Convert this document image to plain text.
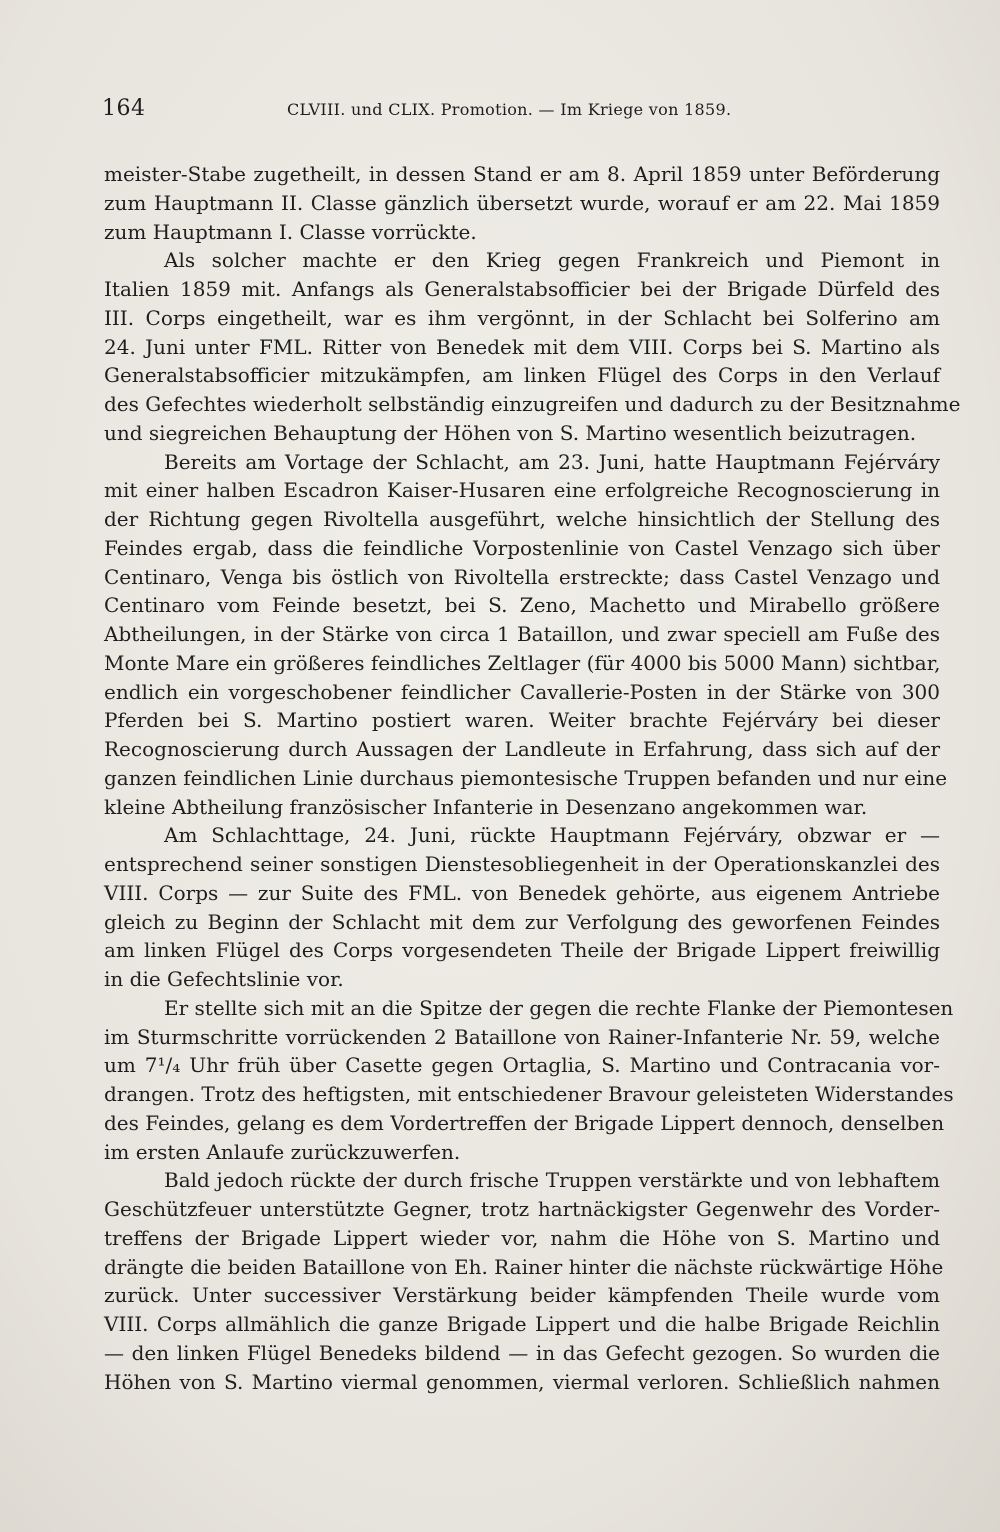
164	CLVIII. und CLIX. Promotion. — Im Kriege von 1859.
meister-Stabe zugetheilt, in dessen Stand er am 8. April 1859 unter Beförderung
zum Hauptmann II. Classe gänzlich übersetzt wurde, worauf er am 22. Mai 1859
zum Hauptmann I. Classe vorrückte.
Als solcher machte er den Krieg gegen Frankreich und Piemont in
Italien 1859 mit. Anfangs als Generalstabsofficier bei der Brigade Dürfeld des
III. Corps eingetheilt, war es ihm vergönnt, in der Schlacht bei Solferino am
24. Juni unter FML. Ritter von Benedek mit dem VIII. Corps bei S. Martino als
Generalstabsofficier mitzukämpfen, am linken Flügel des Corps in den Verlauf
des Gefechtes wiederholt selbständig einzugreifen und dadurch zu der Besitznahme
und siegreichen Behauptung der Höhen von S. Martino wesentlich beizutragen.
Bereits am Vortage der Schlacht, am 23. Juni, hatte Hauptmann Fejérváry
mit einer halben Escadron Kaiser-Husaren eine erfolgreiche Recognoscierung in
der Richtung gegen Rivoltella ausgeführt, welche hinsichtlich der Stellung des
Feindes ergab, dass die feindliche Vorpostenlinie von Castel Venzago sich über
Centinaro, Venga bis östlich von Rivoltella erstreckte; dass Castel Venzago und
Centinaro vom Feinde besetzt, bei S. Zeno, Machetto und Mirabello größere
Abtheilungen, in der Stärke von circa 1 Bataillon, und zwar speciell am Fuße des
Monte Mare ein größeres feindliches Zeltlager (für 4000 bis 5000 Mann) sichtbar,
endlich ein vorgeschobener feindlicher Cavallerie-Posten in der Stärke von 300
Pferden bei S. Martino postiert waren. Weiter brachte Fejérváry bei dieser
Recognoscierung durch Aussagen der Landleute in Erfahrung, dass sich auf der
ganzen feindlichen Linie durchaus piemontesische Truppen befanden und nur eine
kleine Abtheilung französischer Infanterie in Desenzano angekommen war.
Am Schlachttage, 24. Juni, rückte Hauptmann Fejérváry, obzwar er —
entsprechend seiner sonstigen Dienstesobliegenheit in der Operationskanzlei des
VIII. Corps — zur Suite des FML. von Benedek gehörte, aus eigenem Antriebe
gleich zu Beginn der Schlacht mit dem zur Verfolgung des geworfenen Feindes
am linken Flügel des Corps vorgesendeten Theile der Brigade Lippert freiwillig
in die Gefechtslinie vor.
Er stellte sich mit an die Spitze der gegen die rechte Flanke der Piemontesen
im Sturmschritte vorrückenden 2 Bataillone von Rainer-Infanterie Nr. 59, welche
um 7¹/₄ Uhr früh über Casette gegen Ortaglia, S. Martino und Contracania vor-
drangen. Trotz des heftigsten, mit entschiedener Bravour geleisteten Widerstandes
des Feindes, gelang es dem Vordertreffen der Brigade Lippert dennoch, denselben
im ersten Anlaufe zurückzuwerfen.
Bald jedoch rückte der durch frische Truppen verstärkte und von lebhaftem
Geschützfeuer unterstützte Gegner, trotz hartnäckigster Gegenwehr des Vorder-
treffens der Brigade Lippert wieder vor, nahm die Höhe von S. Martino und
drängte die beiden Bataillone von Eh. Rainer hinter die nächste rückwärtige Höhe
zurück. Unter successiver Verstärkung beider kämpfenden Theile wurde vom
VIII. Corps allmählich die ganze Brigade Lippert und die halbe Brigade Reichlin
— den linken Flügel Benedeks bildend — in das Gefecht gezogen. So wurden die
Höhen von S. Martino viermal genommen, viermal verloren. Schließlich nahmen
